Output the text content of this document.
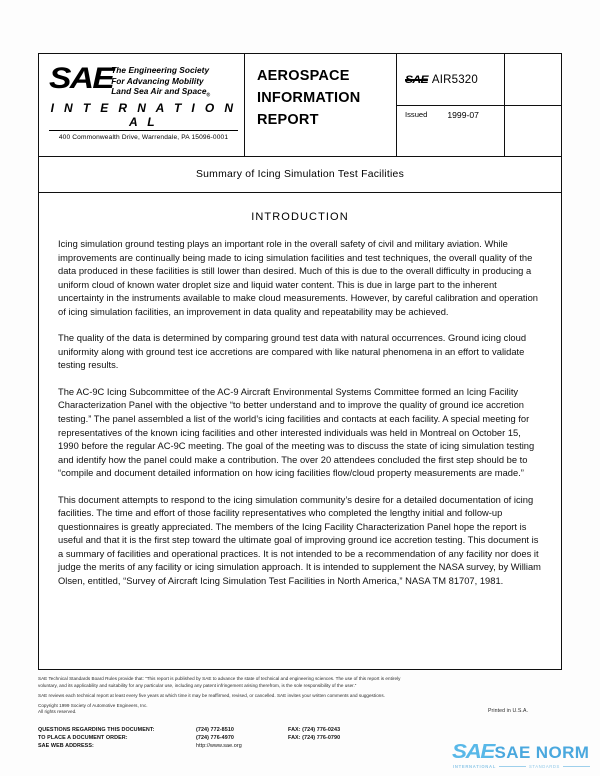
SAE
The Engineering Society
For Advancing Mobility
Land Sea Air and Space$_®$
I N T E R N A T I O N A L
400 Commonwealth Drive, Warrendale, PA 15096-0001
AEROSPACE
INFORMATION
REPORT
SAE AIR5320
Issued 1999-07
Summary of Icing Simulation Test Facilities
INTRODUCTION

Icing simulation ground testing plays an important role in the overall safety of civil and military aviation. While improvements are continually being made to icing simulation facilities and test techniques, the overall quality of the data produced in these facilities is still lower than desired. Much of this is due to the overall difficulty in producing a uniform cloud of known water droplet size and liquid water content. This is due in large part to the inherent uncertainty in the instruments available to make cloud measurements. However, by careful calibration and operation of icing simulation facilities, an improvement in data quality and repeatability may be achieved.

The quality of the data is determined by comparing ground test data with natural occurrences. Ground icing cloud uniformity along with ground test ice accretions are compared with like natural phenomena in an effort to validate testing results.

The AC-9C Icing Subcommittee of the AC-9 Aircraft Environmental Systems Committee formed an Icing Facility Characterization Panel with the objective “to better understand and to improve the quality of ground ice accretion testing.” The panel assembled a list of the world’s icing facilities and contacts at each facility. A special meeting for representatives of the known icing facilities and other interested individuals was held in Montreal on October 15, 1990 before the regular AC-9C meeting. The goal of the meeting was to discuss the state of icing simulation testing and identify how the panel could make a contribution. The over 20 attendees concluded the first step should be to “compile and document detailed information on how icing facilities flow/cloud property measurements are made.”

This document attempts to respond to the icing simulation community’s desire for a detailed documentation of icing facilities. The time and effort of those facility representatives who completed the lengthy initial and follow-up questionnaires is greatly appreciated. The members of the Icing Facility Characterization Panel hope the report is useful and that it is the first step toward the ultimate goal of improving ground ice accretion testing. This document is a summary of facilities and operational practices. It is not intended to be a recommendation of any facility nor does it judge the merits of any facility or icing simulation approach. It is intended to supplement the NASA survey, by William Olsen, entitled, “Survey of Aircraft Icing Simulation Test Facilities in North America,” NASA TM 81707, 1981.

SAE Technical Standards Board Rules provide that: “This report is published by SAE to advance the state of technical and engineering sciences. The use of this report is entirely
voluntary, and its applicability and suitability for any particular use, including any patent infringement arising therefrom, is the sole responsibility of the user.”
SAE reviews each technical report at least every five years at which time it may be reaffirmed, revised, or cancelled. SAE invites your written comments and suggestions.
Copyright 1999 Society of Automotive Engineers, Inc.
All rights reserved.	Printed in U.S.A.
QUESTIONS REGARDING THIS DOCUMENT:	(724) 772-8510	FAX: (724) 776-0243
TO PLACE A DOCUMENT ORDER:	(724) 776-4970	FAX: (724) 776-0790
SAE WEB ADDRESS:	http://www.sae.org		SAE SAE NORM
INTERNATIONAL	STANDARDS
